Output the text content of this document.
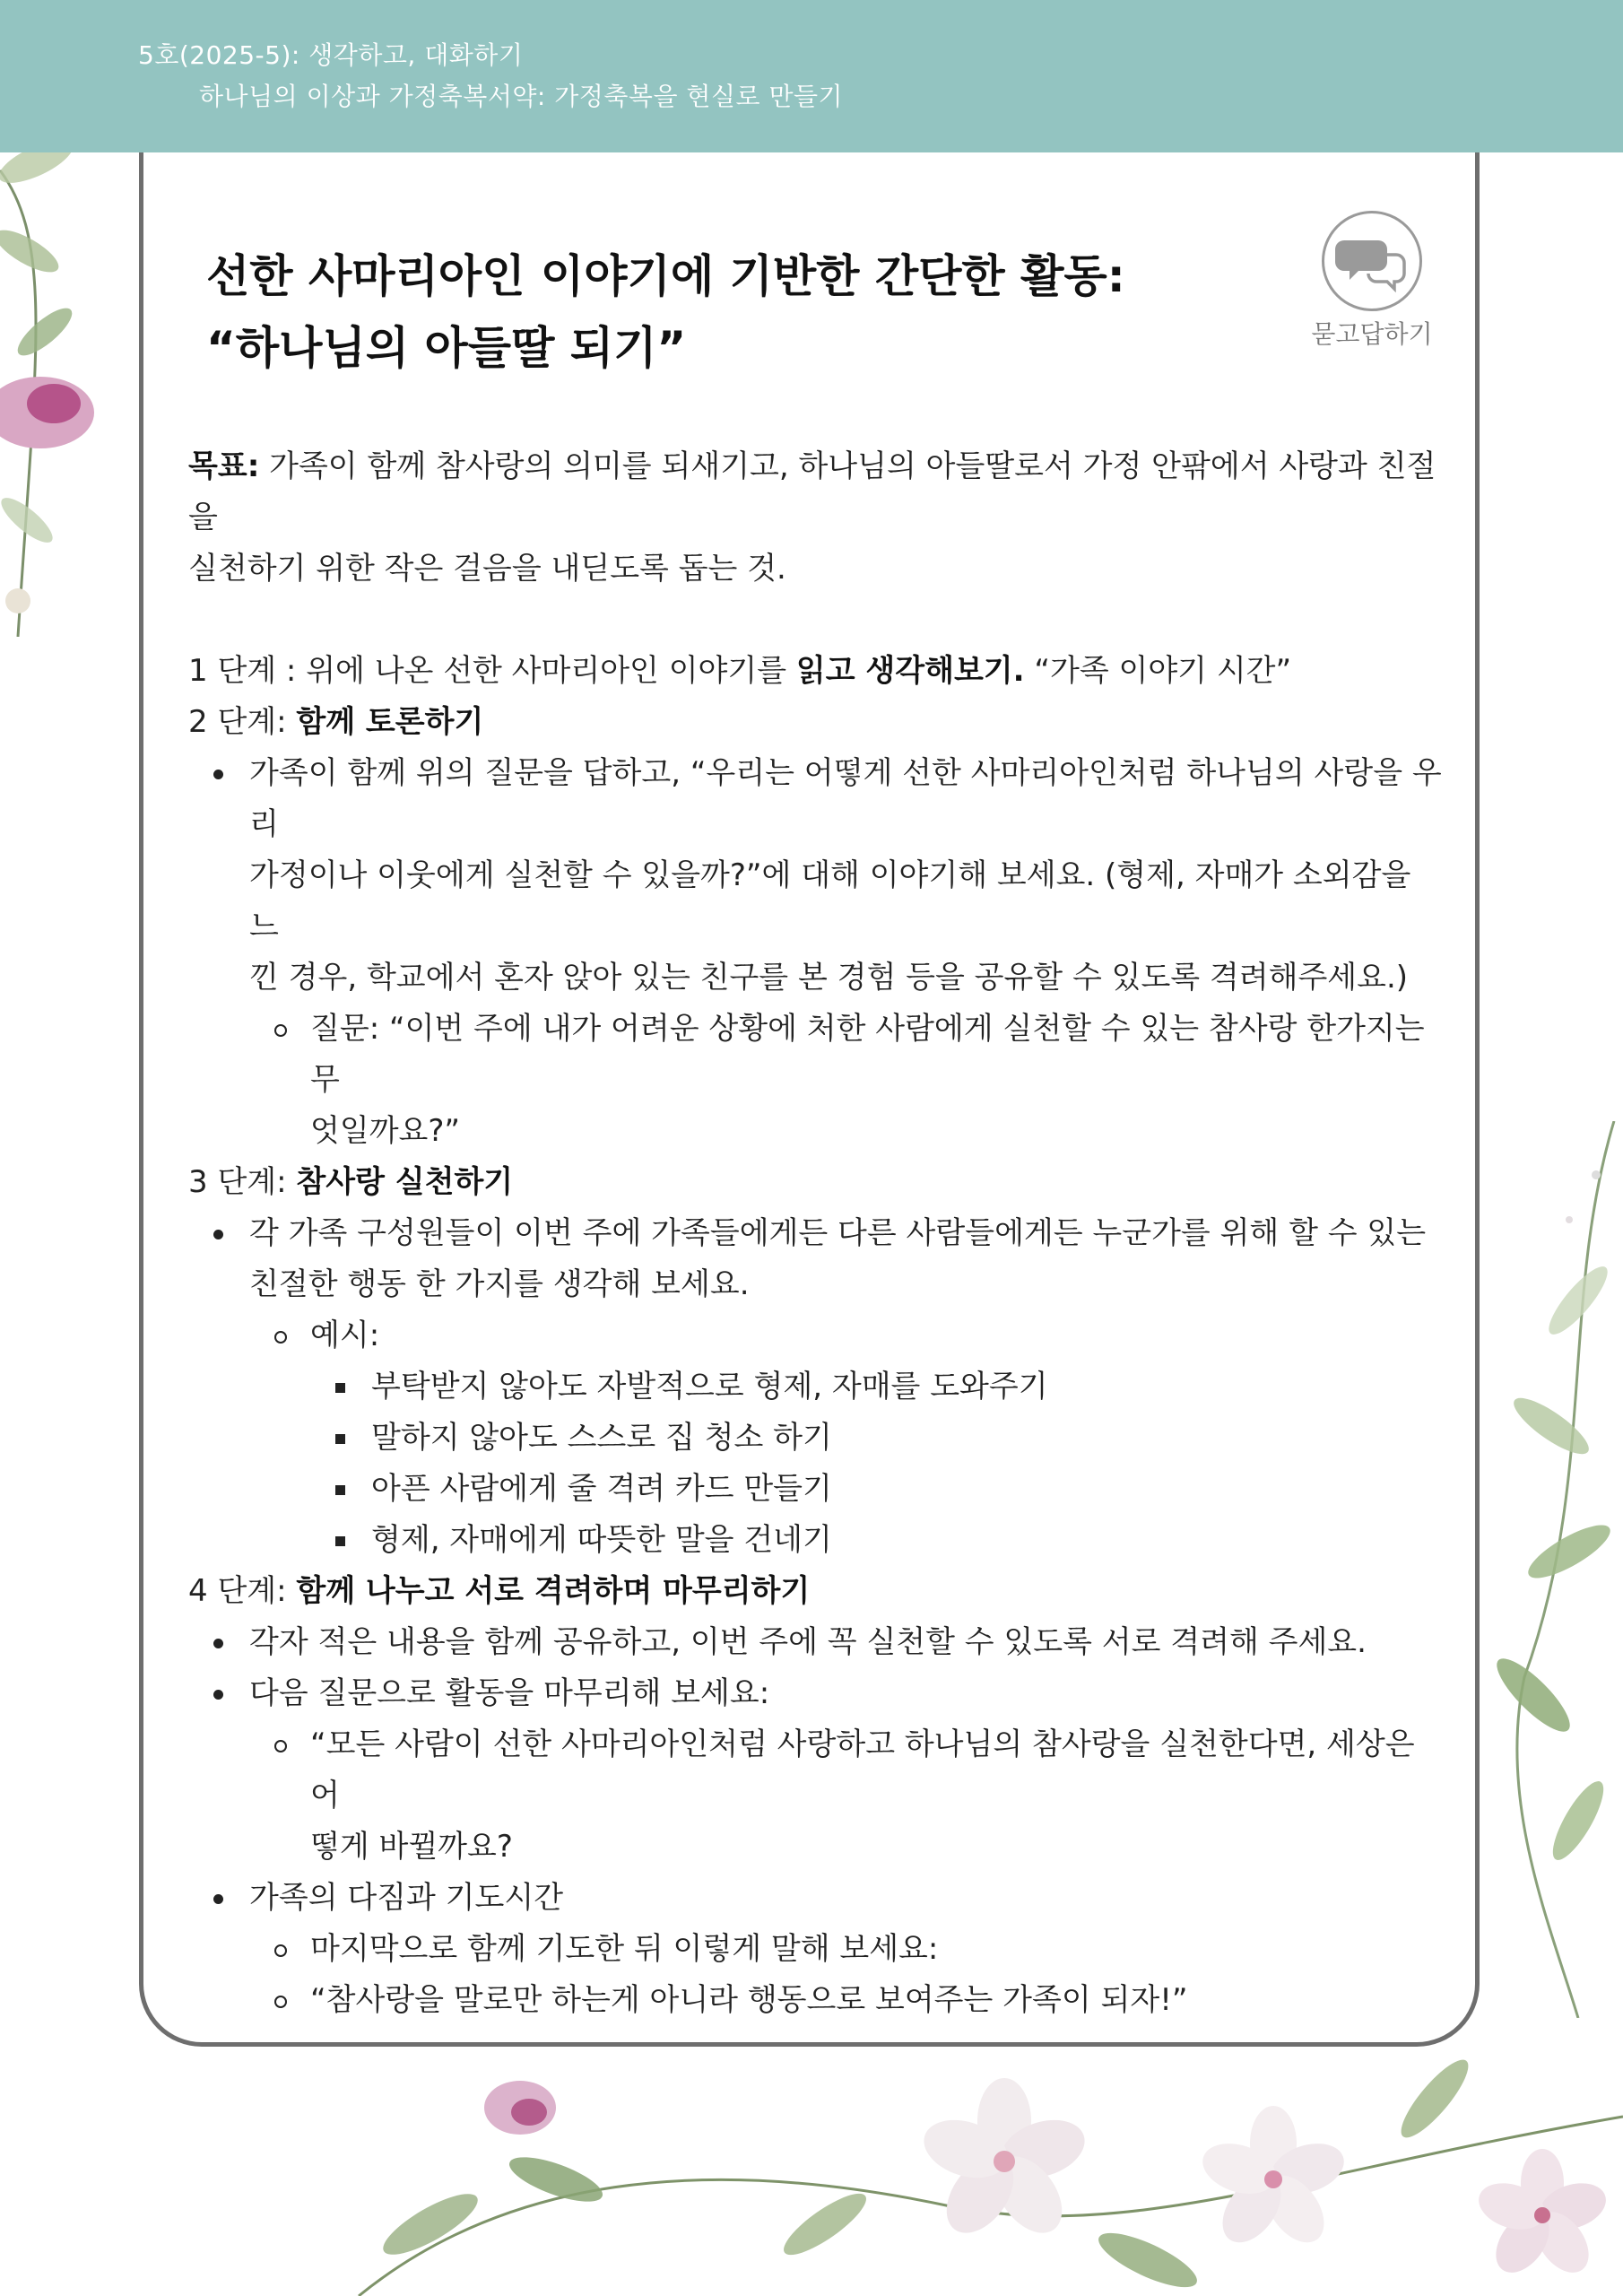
5호(2025-5): 생각하고, 대화하기
하나님의 이상과 가정축복서약: 가정축복을 현실로 만들기
선한 사마리아인 이야기에 기반한 간단한 활동:
“하나님의 아들딸 되기”	묻고답하기

목표: 가족이 함께 참사랑의 의미를 되새기고, 하나님의 아들딸로서 가정 안팎에서 사랑과 친절을

실천하기 위한 작은 걸음을 내딛도록 돕는 것.

1 단계 : 위에 나온 선한 사마리아인 이야기를 읽고 생각해보기. “가족 이야기 시간”

2 단계: 함께 토론하기

가족이 함께 위의 질문을 답하고, “우리는 어떻게 선한 사마리아인처럼 하나님의 사랑을 우리
가정이나 이웃에게 실천할 수 있을까?”에 대해 이야기해 보세요. (형제, 자매가 소외감을 느
낀 경우, 학교에서 혼자 앉아 있는 친구를 본 경험 등을 공유할 수 있도록 격려해주세요.)
질문: “이번 주에 내가 어려운 상황에 처한 사람에게 실천할 수 있는 참사랑 한가지는 무
엇일까요?”

3 단계: 참사랑 실천하기

각 가족 구성원들이 이번 주에 가족들에게든 다른 사람들에게든 누군가를 위해 할 수 있는
친절한 행동 한 가지를 생각해 보세요.
예시:
부탁받지 않아도 자발적으로 형제, 자매를 도와주기
말하지 않아도 스스로 집 청소 하기
아픈 사람에게 줄 격려 카드 만들기
형제, 자매에게 따뜻한 말을 건네기

4 단계: 함께 나누고 서로 격려하며 마무리하기

각자 적은 내용을 함께 공유하고, 이번 주에 꼭 실천할 수 있도록 서로 격려해 주세요.
다음 질문으로 활동을 마무리해 보세요:
“모든 사람이 선한 사마리아인처럼 사랑하고 하나님의 참사랑을 실천한다면, 세상은 어
떻게 바뀔까요?
가족의 다짐과 기도시간
마지막으로 함께 기도한 뒤 이렇게 말해 보세요:
“참사랑을 말로만 하는게 아니라 행동으로 보여주는 가족이 되자!”
